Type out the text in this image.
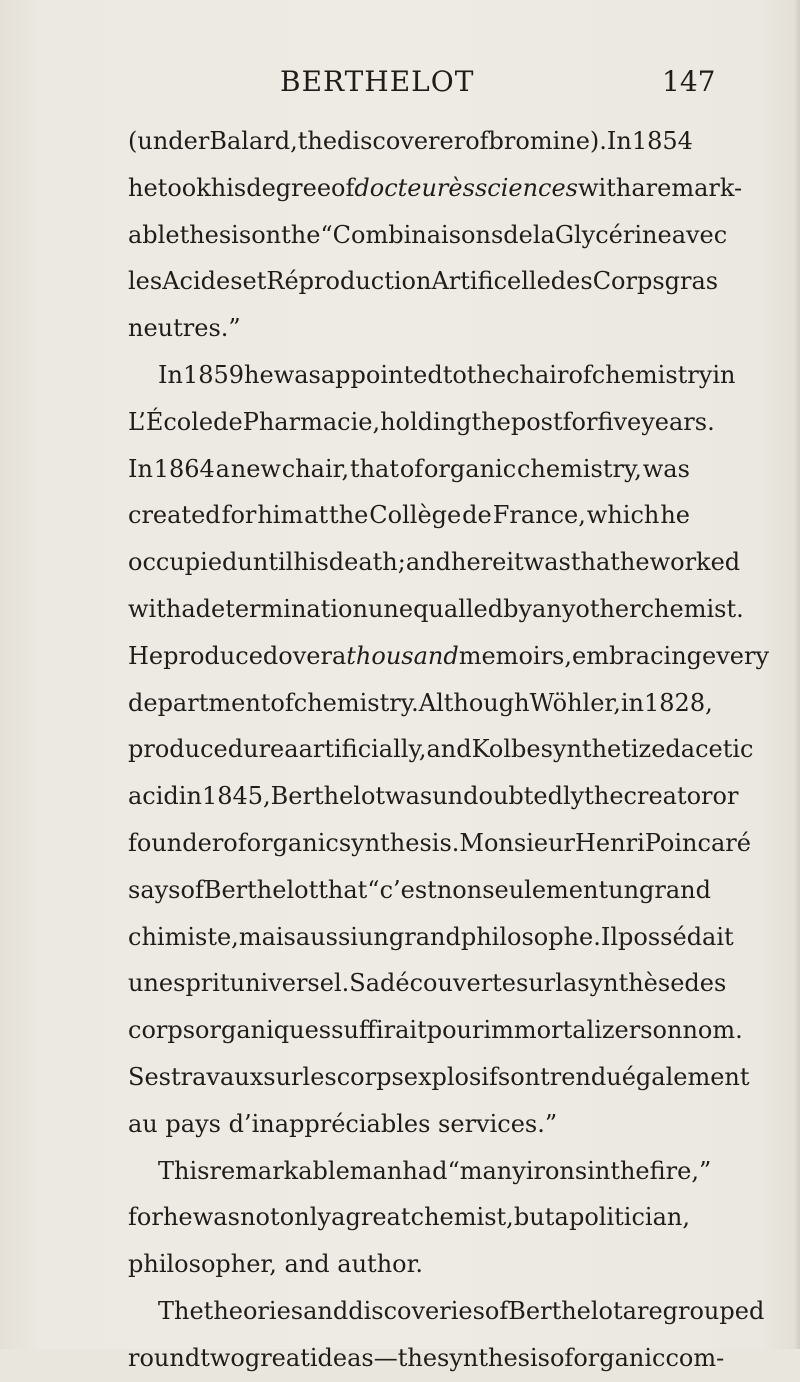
BERTHELOT	147
(under Balard, the discoverer of bromine). In 1854
he took his degree of docteur ès sciences with a remark-
able thesis on the “Combinaisons de la Glycérine avec
les Acides et Réproduction Artificelle des Corps gras
neutres.”
In 1859 he was appointed to the chair of chemistry in
L’École de Pharmacie, holding the post for five years.
In 1864 a new chair, that of organic chemistry, was
created for him at the Collège de France, which he
occupied until his death ; and here it was that he worked
with a determination unequalled by any other chemist.
He produced over a thousand memoirs, embracing every
department of chemistry. Although Wöhler, in 1828,
produced urea artificially, and Kolbe synthetized acetic
acid in 1845, Berthelot was undoubtedly the creator or
founder of organic synthesis. Monsieur Henri Poincaré
says of Berthelot that “c’est non seulement un grand
chimiste, mais aussi un grand philosophe. Il possédait
un esprit universel. Sa découverte sur la synthèse des
corps organiques suffirait pour immortalizer son nom.
Ses travaux sur les corps explosifs ont rendu également
au pays d’inappréciables services.”
This remarkable man had “many irons in the fire,”
for he was not only a great chemist, but a politician,
philosopher, and author.
The theories and discoveries of Berthelot are grouped
round two great ideas—the synthesis of organic com-
